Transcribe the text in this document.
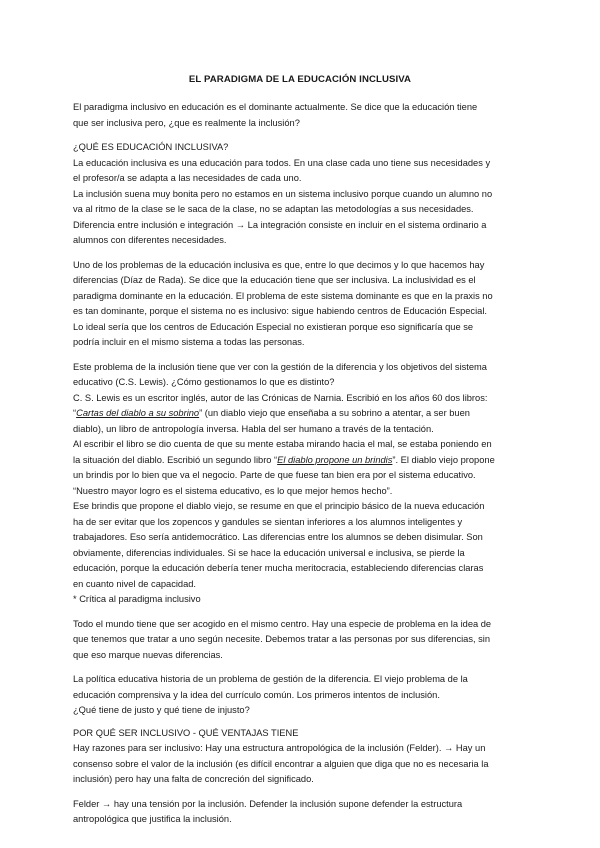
EL PARADIGMA DE LA EDUCACIÓN INCLUSIVA

El paradigma inclusivo en educación es el dominante actualmente. Se dice que la educación tiene

que ser inclusiva pero, ¿que es realmente la inclusión?

¿QUÉ ES EDUCACIÓN INCLUSIVA?

La educación inclusiva es una educación para todos. En una clase cada uno tiene sus necesidades y

el profesor/a se adapta a las necesidades de cada uno.

La inclusión suena muy bonita pero no estamos en un sistema inclusivo porque cuando un alumno no

va al ritmo de la clase se le saca de la clase, no se adaptan las metodologías a sus necesidades.

Diferencia entre inclusión e integración → La integración consiste en incluir en el sistema ordinario a

alumnos con diferentes necesidades.

Uno de los problemas de la educación inclusiva es que, entre lo que decimos y lo que hacemos hay

diferencias (Díaz de Rada). Se dice que la educación tiene que ser inclusiva. La inclusividad es el

paradigma dominante en la educación. El problema de este sistema dominante es que en la praxis no

es tan dominante, porque el sistema no es inclusivo: sigue habiendo centros de Educación Especial.

Lo ideal sería que los centros de Educación Especial no existieran porque eso significaría que se

podría incluir en el mismo sistema a todas las personas.

Este problema de la inclusión tiene que ver con la gestión de la diferencia y los objetivos del sistema

educativo (C.S. Lewis). ¿Cómo gestionamos lo que es distinto?

C. S. Lewis es un escritor inglés, autor de las Crónicas de Narnia. Escribió en los años 60 dos libros:

“Cartas del diablo a su sobrino” (un diablo viejo que enseñaba a su sobrino a atentar, a ser buen

diablo), un libro de antropología inversa. Habla del ser humano a través de la tentación.

Al escribir el libro se dio cuenta de que su mente estaba mirando hacia el mal, se estaba poniendo en

la situación del diablo. Escribió un segundo libro “El diablo propone un brindis”. El diablo viejo propone

un brindis por lo bien que va el negocio. Parte de que fuese tan bien era por el sistema educativo.

“Nuestro mayor logro es el sistema educativo, es lo que mejor hemos hecho”.

Ese brindis que propone el diablo viejo, se resume en que el principio básico de la nueva educación

ha de ser evitar que los zopencos y gandules se sientan inferiores a los alumnos inteligentes y

trabajadores. Eso sería antidemocrático. Las diferencias entre los alumnos se deben disimular. Son

obviamente, diferencias individuales. Si se hace la educación universal e inclusiva, se pierde la

educación, porque la educación debería tener mucha meritocracia, estableciendo diferencias claras

en cuanto nivel de capacidad.

* Crítica al paradigma inclusivo

Todo el mundo tiene que ser acogido en el mismo centro. Hay una especie de problema en la idea de

que tenemos que tratar a uno según necesite. Debemos tratar a las personas por sus diferencias, sin

que eso marque nuevas diferencias.

La política educativa historia de un problema de gestión de la diferencia. El viejo problema de la

educación comprensiva y la idea del currículo común. Los primeros intentos de inclusión.

¿Qué tiene de justo y qué tiene de injusto?

POR QUÉ SER INCLUSIVO - QUÉ VENTAJAS TIENE

Hay razones para ser inclusivo: Hay una estructura antropológica de la inclusión (Felder). → Hay un

consenso sobre el valor de la inclusión (es difícil encontrar a alguien que diga que no es necesaria la

inclusión) pero hay una falta de concreción del significado.

Felder → hay una tensión por la inclusión. Defender la inclusión supone defender la estructura

antropológica que justifica la inclusión.
